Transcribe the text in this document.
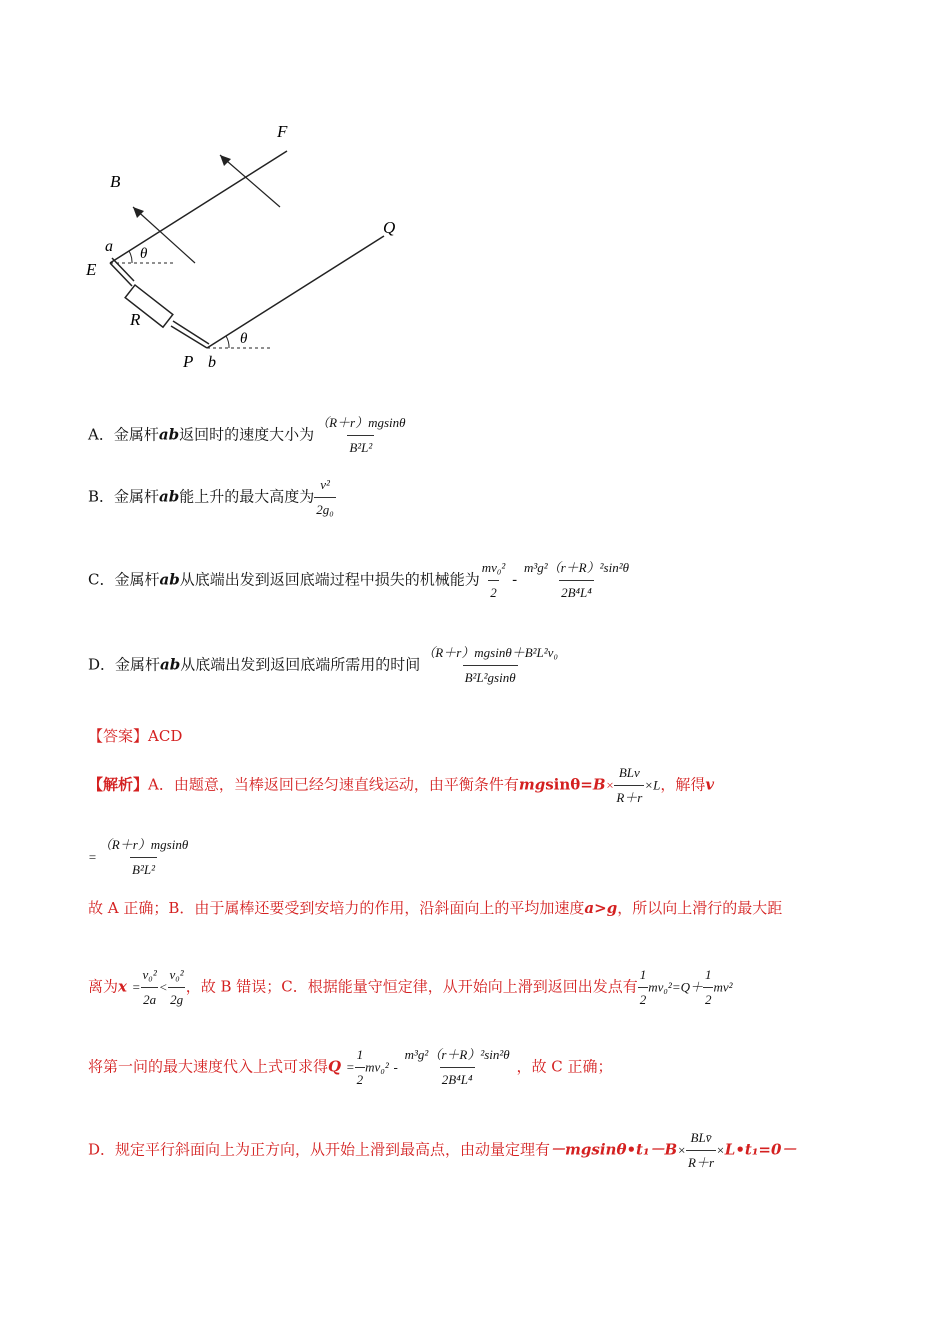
F
B
a θ
E
Q
R
P b
θ
A．金属杆ab返回时的速度大小为 $\frac{(R+r)mgsin\theta}{\text{B²L²}}$
B．金属杆ab能上升的最大高度为 $\frac{\text{v²}}{\text{2g₀}}$
C．金属杆ab从底端出发到返回底端过程中损失的机械能为 $\frac{\text{mv₀²}}{2} - \frac{\text{m³g²（r＋R）²sin²θ}}{\text{2B⁴L⁴}}$
D．金属杆ab从底端出发到返回底端所需用的时间 $\frac{\text{（R＋r）mgsinθ＋B²L²v₀}}{\text{B²L²gsinθ}}$
【答案】ACD
【解析】A．由题意，当棒返回已经匀速直线运动，由平衡条件有$mgsin\theta=B\times \frac{\text{BLv}}{R+r} \times L$，解得v
= $\frac{(R+r)mgsin\theta}{\text{B²L²}}$
故 A 正确；B．由于属棒还要受到安培力的作用，沿斜面向上的平均加速度a>g，所以向上滑行的最大距
离为$x = \frac{\text{v₀²}}{2a} < \frac{\text{v₀²}}{2g}$ ，故 B 错误；C．根据能量守恒定律，从开始向上滑到返回出发点有 $\frac{1}{2} mv_0^2=Q+ \frac{1}{2} mv^2$
将第一问的最大速度代入上式可求得$Q = \frac{1}{2} mv_0^2 - \frac{\text{m³g²（r＋R）²sin²θ}}{\text{2B⁴L⁴}}$ ，故 C 正确；
D．规定平行斜面向上为正方向，从开始上滑到最高点，由动量定理有－mgsinθ•t₁－B× $\frac{\text{BLv̄}}{R+r}$ ×L•t₁=0－
